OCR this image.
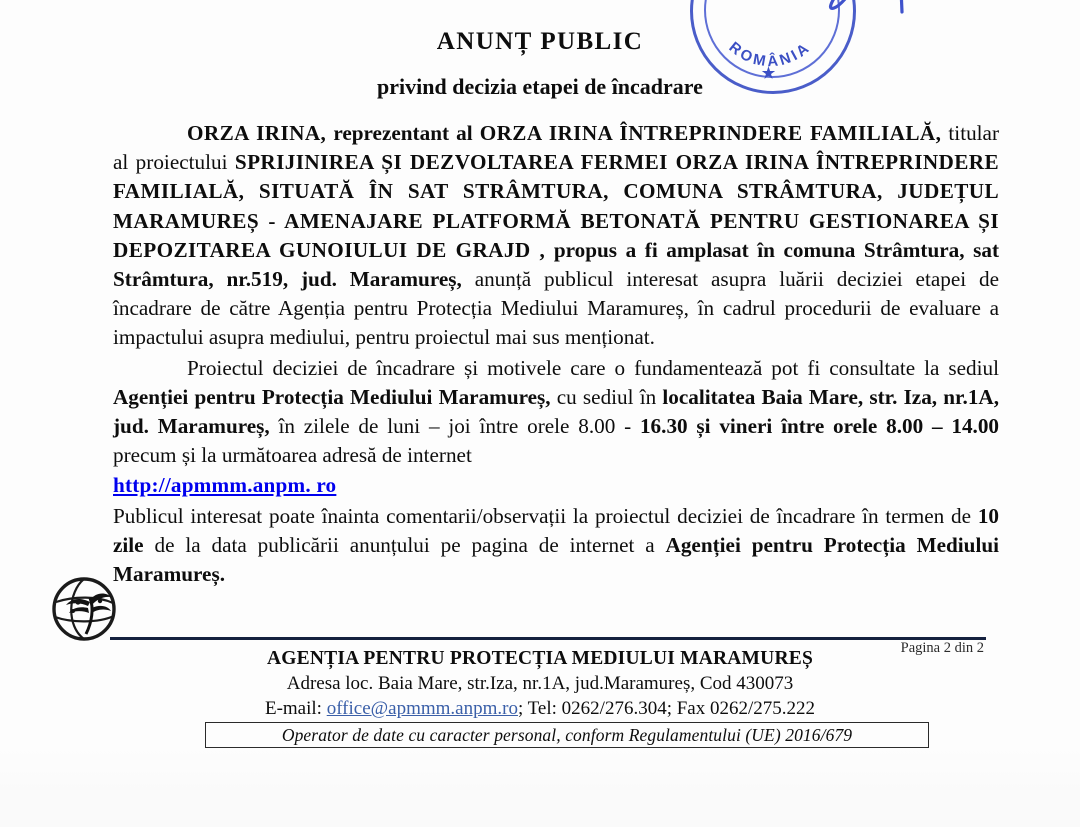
ROMÂNIA
★
ANUNȚ PUBLIC
privind decizia etapei de încadrare

ORZA IRINA, reprezentant al ORZA IRINA ÎNTREPRINDERE FAMILIALĂ, titular al proiectului SPRIJINIREA ȘI DEZVOLTAREA FERMEI ORZA IRINA ÎNTREPRINDERE FAMILIALĂ, SITUATĂ ÎN SAT STRÂMTURA, COMUNA STRÂMTURA, JUDEȚUL MARAMUREȘ - AMENAJARE PLATFORMĂ BETONATĂ PENTRU GESTIONAREA ȘI DEPOZITAREA GUNOIULUI DE GRAJD , propus a fi amplasat în comuna Strâmtura, sat Strâmtura, nr.519, jud. Maramureș, anunță publicul interesat asupra luării deciziei etapei de încadrare de către Agenția pentru Protecția Mediului Maramureș, în cadrul procedurii de evaluare a impactului asupra mediului, pentru proiectul mai sus menționat.

Proiectul deciziei de încadrare și motivele care o fundamentează pot fi consultate la sediul Agenției pentru Protecția Mediului Maramureș, cu sediul în localitatea Baia Mare, str. Iza, nr.1A, jud. Maramureș, în zilele de luni – joi între orele 8.00 - 16.30 și vineri între orele 8.00 – 14.00 precum și la următoarea adresă de internet

http://apmmm.anpm. ro

Publicul interesat poate înainta comentarii/observații la proiectul deciziei de încadrare în termen de 10 zile de la data publicării anunțului pe pagina de internet a Agenției pentru Protecția Mediului Maramureș.

Pagina 2 din 2
AGENȚIA PENTRU PROTECȚIA MEDIULUI MARAMUREȘ
Adresa loc. Baia Mare, str.Iza, nr.1A, jud.Maramureș, Cod 430073
E-mail: office@apmmm.anpm.ro; Tel: 0262/276.304; Fax 0262/275.222
Operator de date cu caracter personal, conform Regulamentului (UE) 2016/679
